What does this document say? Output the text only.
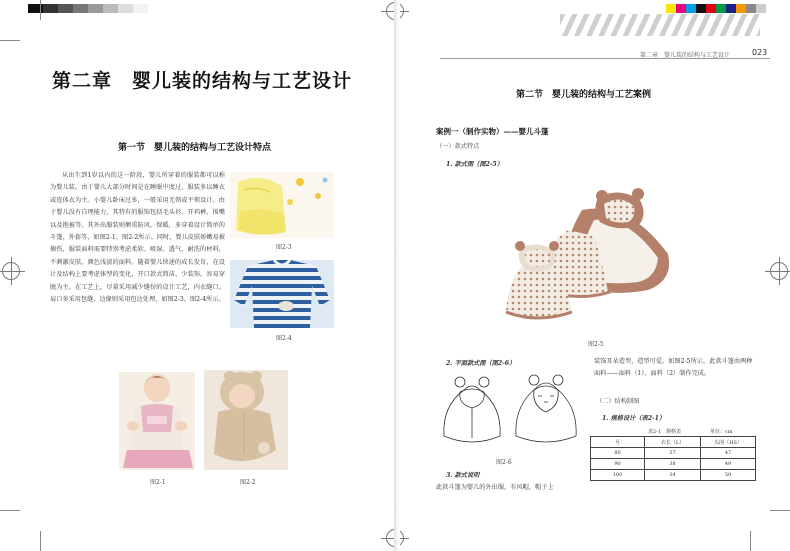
第二章　婴儿装的结构与工艺设计
第一节　婴儿装的结构与工艺设计特点
从出生到1岁以内的这一阶段，婴儿所穿着的服装都可以称为婴儿装。由于婴儿大部分时间是在睡眠中度过，服装多以睡衣或连体衣为主。小婴儿卧床过多，一般采用无领或平领设计。由于婴儿没有自理能力，其特有的服饰包括毛头衫、开裆裤、围嘴以及抱被等。其外出服装则侧重防风、保暖，多穿着设计简单的斗篷、外套等，如图2-1、图2-2所示。同时，婴儿皮肤娇嫩易被擦伤，服装面料需要特别考虑柔软、吸湿、透气、耐洗的材料，不刺激皮肤，颜色浅淡的面料。随着婴儿快速的成长发育，在设计及结构上要考虑体型的变化，开口款式简洁、少装饰，容易穿脱为主。在工艺上，尽量采用减少缝份的设计工艺，内衣缝口、肩口多采用包缝，边缘则采用包边处理，如图2-3、图2-4所示。
图2-3
图2-4
图2-1	图2-2
第二章　婴儿装的结构与工艺设计	023
第二节　婴儿装的结构与工艺案例
案例一（制作实物）——婴儿斗篷
（一）款式特点
1. 款式图（图2-5）
图2-5
2. 平面款式图（图2-6）
图2-6
3. 款式说明
此款斗篷为婴儿的外出服，有风帽，帽子上
装饰耳朵造型，造型可爱。如图2-5所示，此款斗篷由两种面料——面料（1）、面料（2）制作完成。
（二）结构制图
1. 规格设计（表2-1）
表2-1　规格表	单位：cm
号	衣长（L）	头围（HS）
80	37	47
90	38	49
100	34	50
